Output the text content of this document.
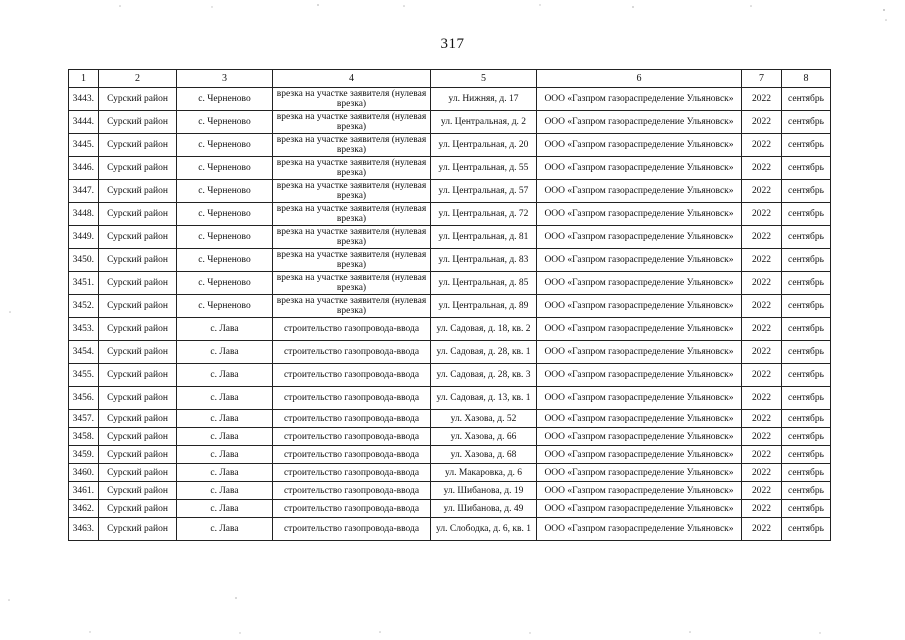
317
1	2	3	4	5	6	7	8
3443.	Сурский район	с. Черненово	врезка на участке заявителя (нулевая врезка)	ул. Нижняя, д. 17	ООО «Газпром газораспределение Ульяновск»	2022	сентябрь
3444.	Сурский район	с. Черненово	врезка на участке заявителя (нулевая врезка)	ул. Центральная, д. 2	ООО «Газпром газораспределение Ульяновск»	2022	сентябрь
3445.	Сурский район	с. Черненово	врезка на участке заявителя (нулевая врезка)	ул. Центральная, д. 20	ООО «Газпром газораспределение Ульяновск»	2022	сентябрь
3446.	Сурский район	с. Черненово	врезка на участке заявителя (нулевая врезка)	ул. Центральная, д. 55	ООО «Газпром газораспределение Ульяновск»	2022	сентябрь
3447.	Сурский район	с. Черненово	врезка на участке заявителя (нулевая врезка)	ул. Центральная, д. 57	ООО «Газпром газораспределение Ульяновск»	2022	сентябрь
3448.	Сурский район	с. Черненово	врезка на участке заявителя (нулевая врезка)	ул. Центральная, д. 72	ООО «Газпром газораспределение Ульяновск»	2022	сентябрь
3449.	Сурский район	с. Черненово	врезка на участке заявителя (нулевая врезка)	ул. Центральная, д. 81	ООО «Газпром газораспределение Ульяновск»	2022	сентябрь
3450.	Сурский район	с. Черненово	врезка на участке заявителя (нулевая врезка)	ул. Центральная, д. 83	ООО «Газпром газораспределение Ульяновск»	2022	сентябрь
3451.	Сурский район	с. Черненово	врезка на участке заявителя (нулевая врезка)	ул. Центральная, д. 85	ООО «Газпром газораспределение Ульяновск»	2022	сентябрь
3452.	Сурский район	с. Черненово	врезка на участке заявителя (нулевая врезка)	ул. Центральная, д. 89	ООО «Газпром газораспределение Ульяновск»	2022	сентябрь
3453.	Сурский район	с. Лава	строительство газопровода-ввода	ул. Садовая, д. 18, кв. 2	ООО «Газпром газораспределение Ульяновск»	2022	сентябрь
3454.	Сурский район	с. Лава	строительство газопровода-ввода	ул. Садовая, д. 28, кв. 1	ООО «Газпром газораспределение Ульяновск»	2022	сентябрь
3455.	Сурский район	с. Лава	строительство газопровода-ввода	ул. Садовая, д. 28, кв. 3	ООО «Газпром газораспределение Ульяновск»	2022	сентябрь
3456.	Сурский район	с. Лава	строительство газопровода-ввода	ул. Садовая, д. 13, кв. 1	ООО «Газпром газораспределение Ульяновск»	2022	сентябрь
3457.	Сурский район	с. Лава	строительство газопровода-ввода	ул. Хазова, д. 52	ООО «Газпром газораспределение Ульяновск»	2022	сентябрь
3458.	Сурский район	с. Лава	строительство газопровода-ввода	ул. Хазова, д. 66	ООО «Газпром газораспределение Ульяновск»	2022	сентябрь
3459.	Сурский район	с. Лава	строительство газопровода-ввода	ул. Хазова, д. 68	ООО «Газпром газораспределение Ульяновск»	2022	сентябрь
3460.	Сурский район	с. Лава	строительство газопровода-ввода	ул. Макаровка, д. 6	ООО «Газпром газораспределение Ульяновск»	2022	сентябрь
3461.	Сурский район	с. Лава	строительство газопровода-ввода	ул. Шибанова, д. 19	ООО «Газпром газораспределение Ульяновск»	2022	сентябрь
3462.	Сурский район	с. Лава	строительство газопровода-ввода	ул. Шибанова, д. 49	ООО «Газпром газораспределение Ульяновск»	2022	сентябрь
3463.	Сурский район	с. Лава	строительство газопровода-ввода	ул. Слободка, д. 6, кв. 1	ООО «Газпром газораспределение Ульяновск»	2022	сентябрь
